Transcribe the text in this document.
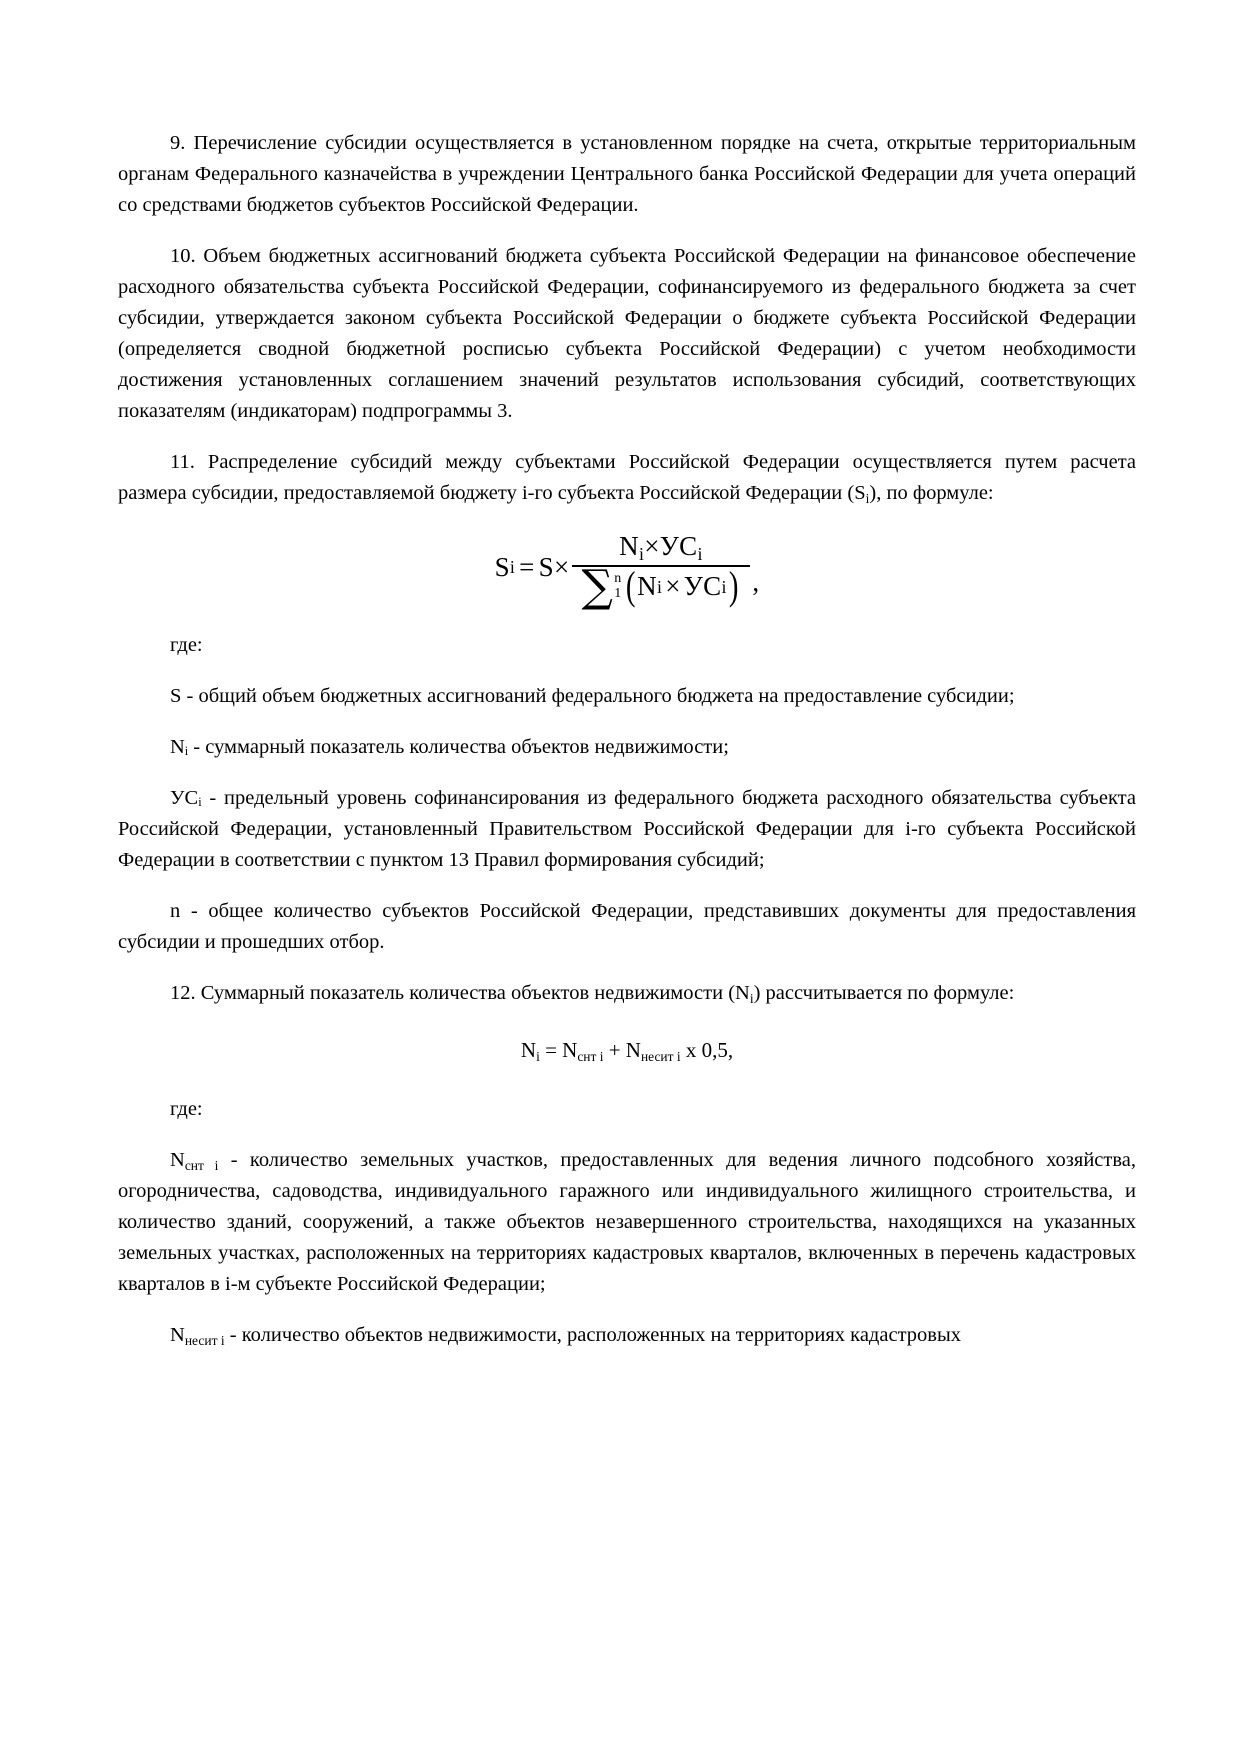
9. Перечисление субсидии осуществляется в установленном порядке на счета, открытые территориальным органам Федерального казначейства в учреждении Центрального банка Российской Федерации для учета операций со средствами бюджетов субъектов Российской Федерации.

10. Объем бюджетных ассигнований бюджета субъекта Российской Федерации на финансовое обеспечение расходного обязательства субъекта Российской Федерации, софинансируемого из федерального бюджета за счет субсидии, утверждается законом субъекта Российской Федерации о бюджете субъекта Российской Федерации (определяется сводной бюджетной росписью субъекта Российской Федерации) с учетом необходимости достижения установленных соглашением значений результатов использования субсидий, соответствующих показателям (индикаторам) подпрограммы 3.

11. Распределение субсидий между субъектами Российской Федерации осуществляется путем расчета размера субсидии, предоставляемой бюджету i-го субъекта Российской Федерации $(S_i)$, по формуле:

S i = S×
$N_i\times УC_i$
∑ n
1 ( N i × УC i ) ,

где:

S - общий объем бюджетных ассигнований федерального бюджета на предоставление субсидии;

Nᵢ - суммарный показатель количества объектов недвижимости;

УCᵢ - предельный уровень софинансирования из федерального бюджета расходного обязательства субъекта Российской Федерации, установленный Правительством Российской Федерации для i-го субъекта Российской Федерации в соответствии с пунктом 13 Правил формирования субсидий;

n - общее количество субъектов Российской Федерации, представивших документы для предоставления субсидии и прошедших отбор.

12. Суммарный показатель количества объектов недвижимости $(N_i)$ рассчитывается по формуле:

$N_i = N_{снт i} + N_{несит i}$ x 0,5,

где:

$N_{снт i}$ - количество земельных участков, предоставленных для ведения личного подсобного хозяйства, огородничества, садоводства, индивидуального гаражного или индивидуального жилищного строительства, и количество зданий, сооружений, а также объектов незавершенного строительства, находящихся на указанных земельных участках, расположенных на территориях кадастровых кварталов, включенных в перечень кадастровых кварталов в i-м субъекте Российской Федерации;

$N_{несит i}$ - количество объектов недвижимости, расположенных на территориях кадастровых
